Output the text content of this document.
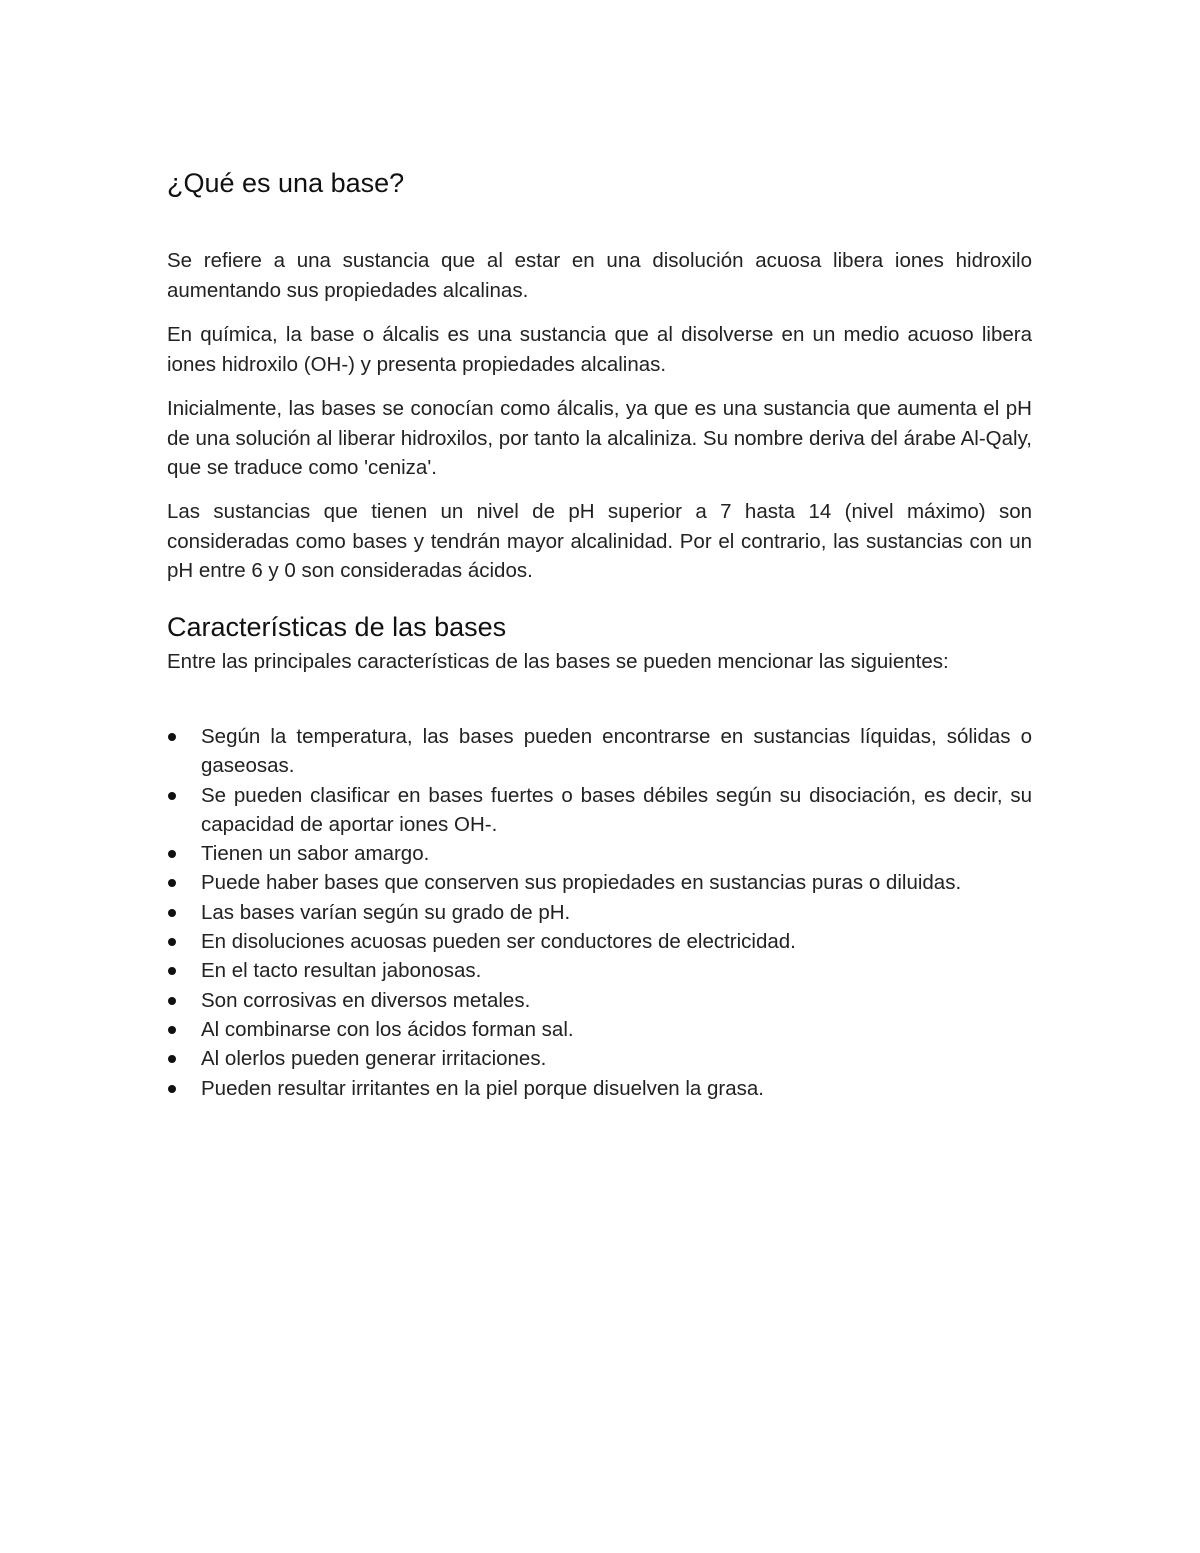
¿Qué es una base?

Se refiere a una sustancia que al estar en una disolución acuosa libera iones hidroxilo aumentando sus propiedades alcalinas.

En química, la base o álcalis es una sustancia que al disolverse en un medio acuoso libera iones hidroxilo (OH-) y presenta propiedades alcalinas.

Inicialmente, las bases se conocían como álcalis, ya que es una sustancia que aumenta el pH de una solución al liberar hidroxilos, por tanto la alcaliniza. Su nombre deriva del árabe Al-Qaly, que se traduce como 'ceniza'.

Las sustancias que tienen un nivel de pH superior a 7 hasta 14 (nivel máximo) son consideradas como bases y tendrán mayor alcalinidad. Por el contrario, las sustancias con un pH entre 6 y 0 son consideradas ácidos.

Características de las bases

Entre las principales características de las bases se pueden mencionar las siguientes:

Según la temperatura, las bases pueden encontrarse en sustancias líquidas, sólidas o gaseosas.
Se pueden clasificar en bases fuertes o bases débiles según su disociación, es decir, su capacidad de aportar iones OH-.
Tienen un sabor amargo.
Puede haber bases que conserven sus propiedades en sustancias puras o diluidas.
Las bases varían según su grado de pH.
En disoluciones acuosas pueden ser conductores de electricidad.
En el tacto resultan jabonosas.
Son corrosivas en diversos metales.
Al combinarse con los ácidos forman sal.
Al olerlos pueden generar irritaciones.
Pueden resultar irritantes en la piel porque disuelven la grasa.
